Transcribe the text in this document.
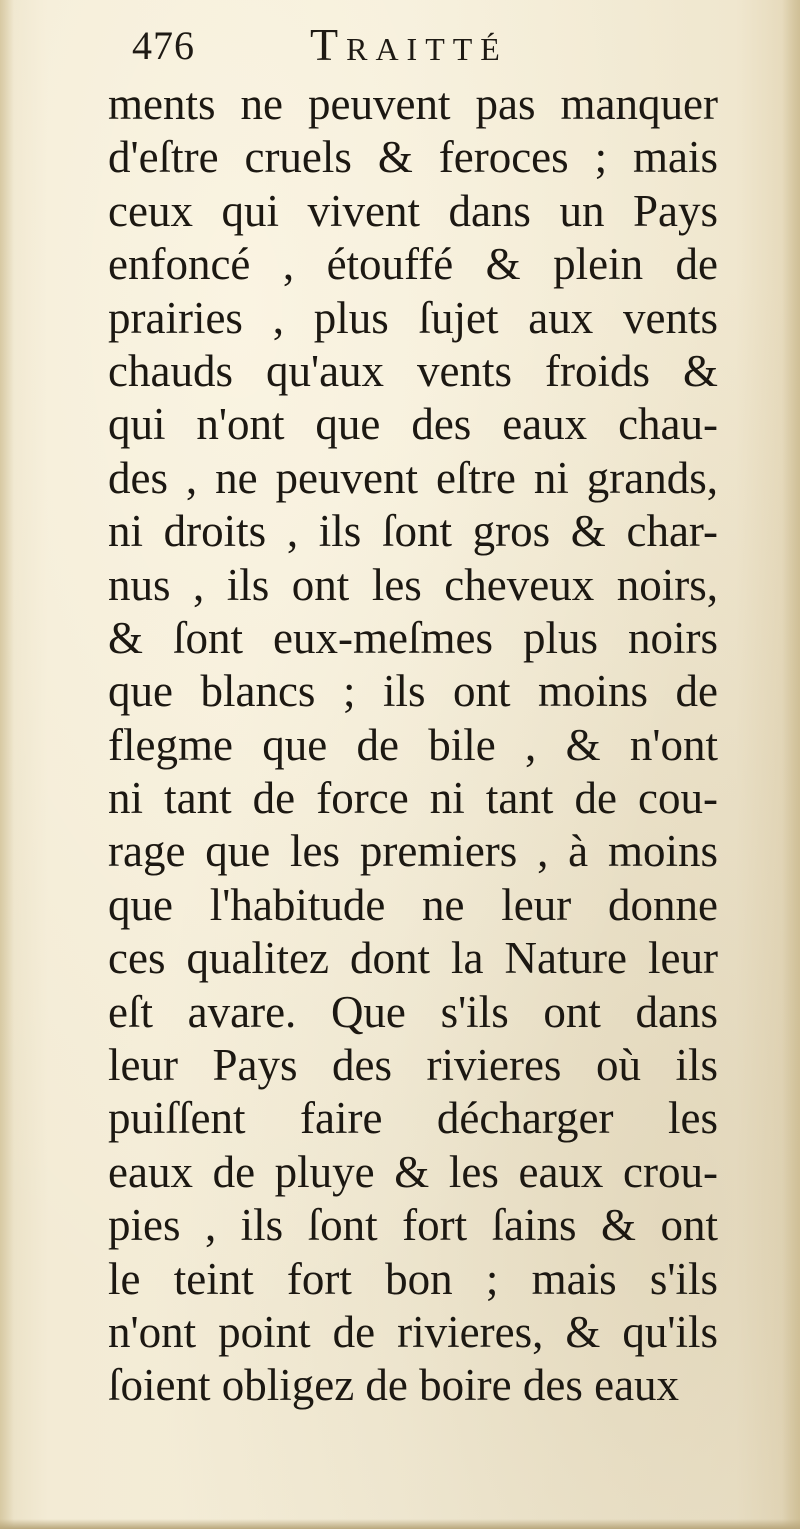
476	Traitté
ments ne peuvent pas manquer
d'eſtre cruels & feroces ; mais
ceux qui vivent dans un Pays
enfoncé , étouffé & plein de
prairies , plus ſujet aux vents
chauds qu'aux vents froids &
qui n'ont que des eaux chau-
des , ne peuvent eſtre ni grands,
ni droits , ils ſont gros & char-
nus , ils ont les cheveux noirs,
& ſont eux-meſmes plus noirs
que blancs ; ils ont moins de
flegme que de bile , & n'ont
ni tant de force ni tant de cou-
rage que les premiers , à moins
que l'habitude ne leur donne
ces qualitez dont la Nature leur
eſt avare. Que s'ils ont dans
leur Pays des rivieres où ils
puiſſent faire décharger les
eaux de pluye & les eaux crou-
pies , ils ſont fort ſains & ont
le teint fort bon ; mais s'ils
n'ont point de rivieres, & qu'ils
ſoient obligez de boire des eaux
